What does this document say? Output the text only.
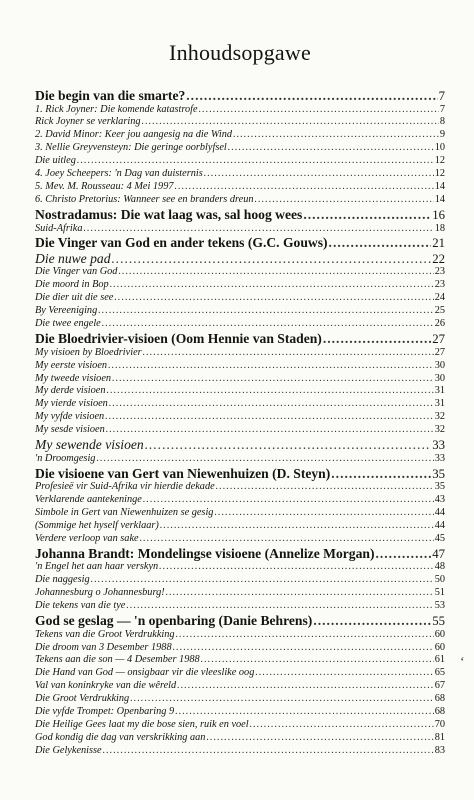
Inhoudsopgawe
Die begin van die smarte? .....	7
1. Rick Joyner: Die komende katastrofe .....	7
Rick Joyner se verklaring .....	8
2. David Minor: Keer jou aangesig na die Wind .....	9
3. Nellie Greyvensteyn: Die geringe oorblyfsel .....	10
Die uitleg .....	12
4. Joey Scheepers: 'n Dag van duisternis .....	12
5. Mev. M. Rousseau: 4 Mei 1997 .....	14
6. Christo Pretorius: Wanneer see en branders dreun .....	14
Nostradamus: Die wat laag was, sal hoog wees .....	16
Suid-Afrika .....	18
Die Vinger van God en ander tekens (G.C. Gouws) .....	21
Die nuwe pad .....	22
Die Vinger van God .....	23
Die moord in Bop .....	23
Die dier uit die see .....	24
By Vereeniging .....	25
Die twee engele .....	26
Die Bloedrivier-visioen (Oom Hennie van Staden) .....	27
My visioen by Bloedrivier .....	27
My eerste visioen .....	30
My tweede visioen .....	30
My derde visioen .....	31
My vierde visioen .....	31
My vyfde visioen .....	32
My sesde visioen .....	32
My sewende visioen .....	33
'n Droomgesig .....	33
Die visioene van Gert van Niewenhuizen (D. Steyn) .....	35
Profesieë vir Suid-Afrika vir hierdie dekade .....	35
Verklarende aantekeninge .....	43
Simbole in Gert van Niewenhuizen se gesig .....	44
(Sommige het hyself verklaar) .....	44
Verdere verloop van sake .....	45
Johanna Brandt: Mondelingse visioene (Annelize Morgan) .....	47
'n Engel het aan haar verskyn .....	48
Die naggesig .....	50
Johannesburg o Johannesburg! .....	51
Die tekens van die tye .....	53
God se geslag — 'n openbaring (Danie Behrens) .....	55
Tekens van die Groot Verdrukking .....	60
Die droom van 3 Desember 1988 .....	60
Tekens aan die son — 4 Desember 1988 .....	61
Die Hand van God — onsigbaar vir die vleeslike oog .....	65
Val van koninkryke van die wêreld .....	67
Die Groot Verdrukking .....	68
Die vyfde Trompet: Openbaring 9 .....	68
Die Heilige Gees laat my die bose sien, ruik en voel .....	70
God kondig die dag van verskrikking aan .....	81
Die Gelykenisse .....	83
ʻ
